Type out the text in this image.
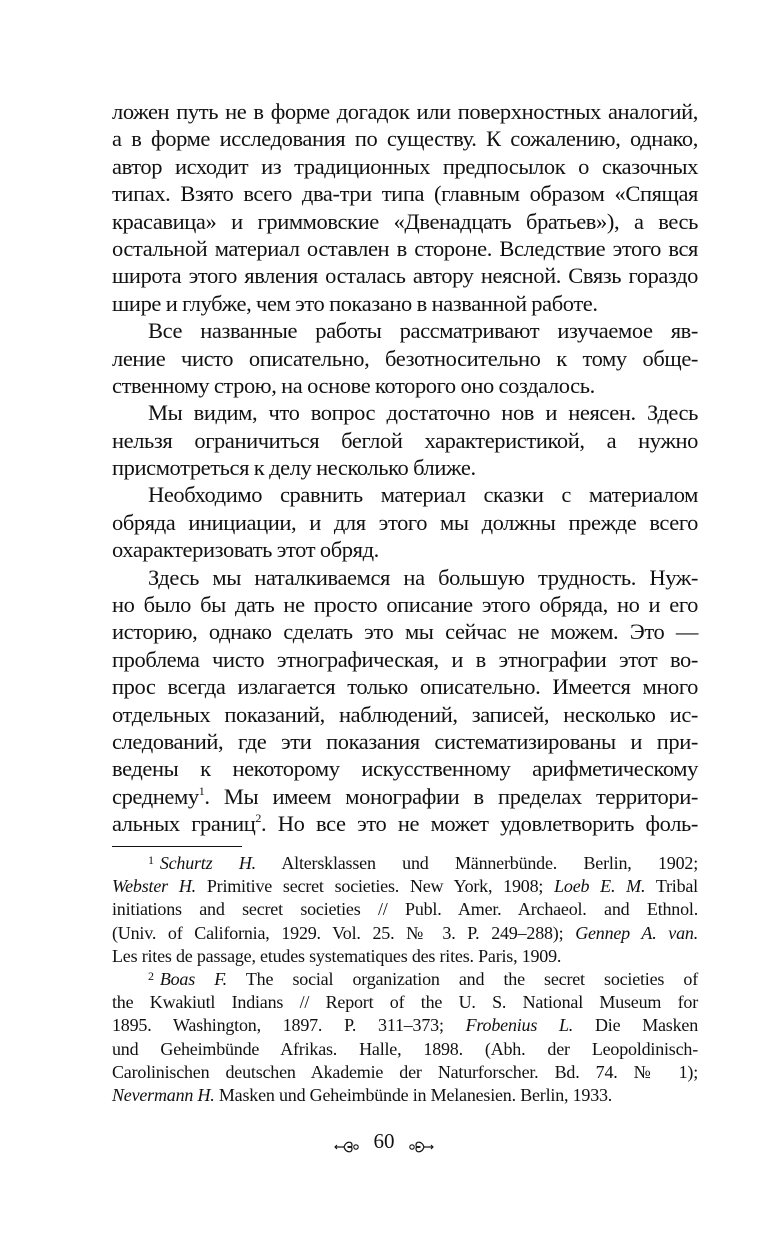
ложен путь не в форме догадок или поверхностных аналогий,
а в форме исследования по существу. К сожалению, однако,
автор исходит из традиционных предпосылок о сказочных
типах. Взято всего два-три типа (главным образом «Спящая
красавица» и гриммовские «Двенадцать братьев»), а весь
остальной материал оставлен в стороне. Вследствие этого вся
широта этого явления осталась автору неясной. Связь гораздо
шире и глубже, чем это показано в названной работе.
Все названные работы рассматривают изучаемое яв-
ление чисто описательно, безотносительно к тому обще-
ственному строю, на основе которого оно создалось.
Мы видим, что вопрос достаточно нов и неясен. Здесь
нельзя ограничиться беглой характеристикой, а нужно
присмотреться к делу несколько ближе.
Необходимо сравнить материал сказки с материалом
обряда инициации, и для этого мы должны прежде всего
охарактеризовать этот обряд.
Здесь мы наталкиваемся на большую трудность. Нуж-
но было бы дать не просто описание этого обряда, но и его
историю, однако сделать это мы сейчас не можем. Это —
проблема чисто этнографическая, и в этнографии этот во-
прос всегда излагается только описательно. Имеется много
отдельных показаний, наблюдений, записей, несколько ис-
следований, где эти показания систематизированы и при-
ведены к некоторому искусственному арифметическому
среднему$^1$. Мы имеем монографии в пределах территори-
альных границ$^2$. Но все это не может удовлетворить фоль-
$^1$ Schurtz H. Altersklassen und Männerbünde. Berlin, 1902;
Webster H. Primitive secret societies. New York, 1908; Loeb E. M. Tribal
initiations and secret societies // Publ. Amer. Archaeol. and Ethnol.
(Univ. of California, 1929. Vol. 25. № 3. P. 249–288); Gennep A. van.
Les rites de passage, etudes systematiques des rites. Paris, 1909.
$^2$ Boas F. The social organization and the secret societies of
the Kwakiutl Indians // Report of the U. S. National Museum for
1895. Washington, 1897. P. 311–373; Frobenius L. Die Masken
und Geheimbünde Afrikas. Halle, 1898. (Abh. der Leopoldinisch-
Carolinischen deutschen Akademie der Naturforscher. Bd. 74. № 1);
Nevermann H. Masken und Geheimbünde in Melanesien. Berlin, 1933.
60
